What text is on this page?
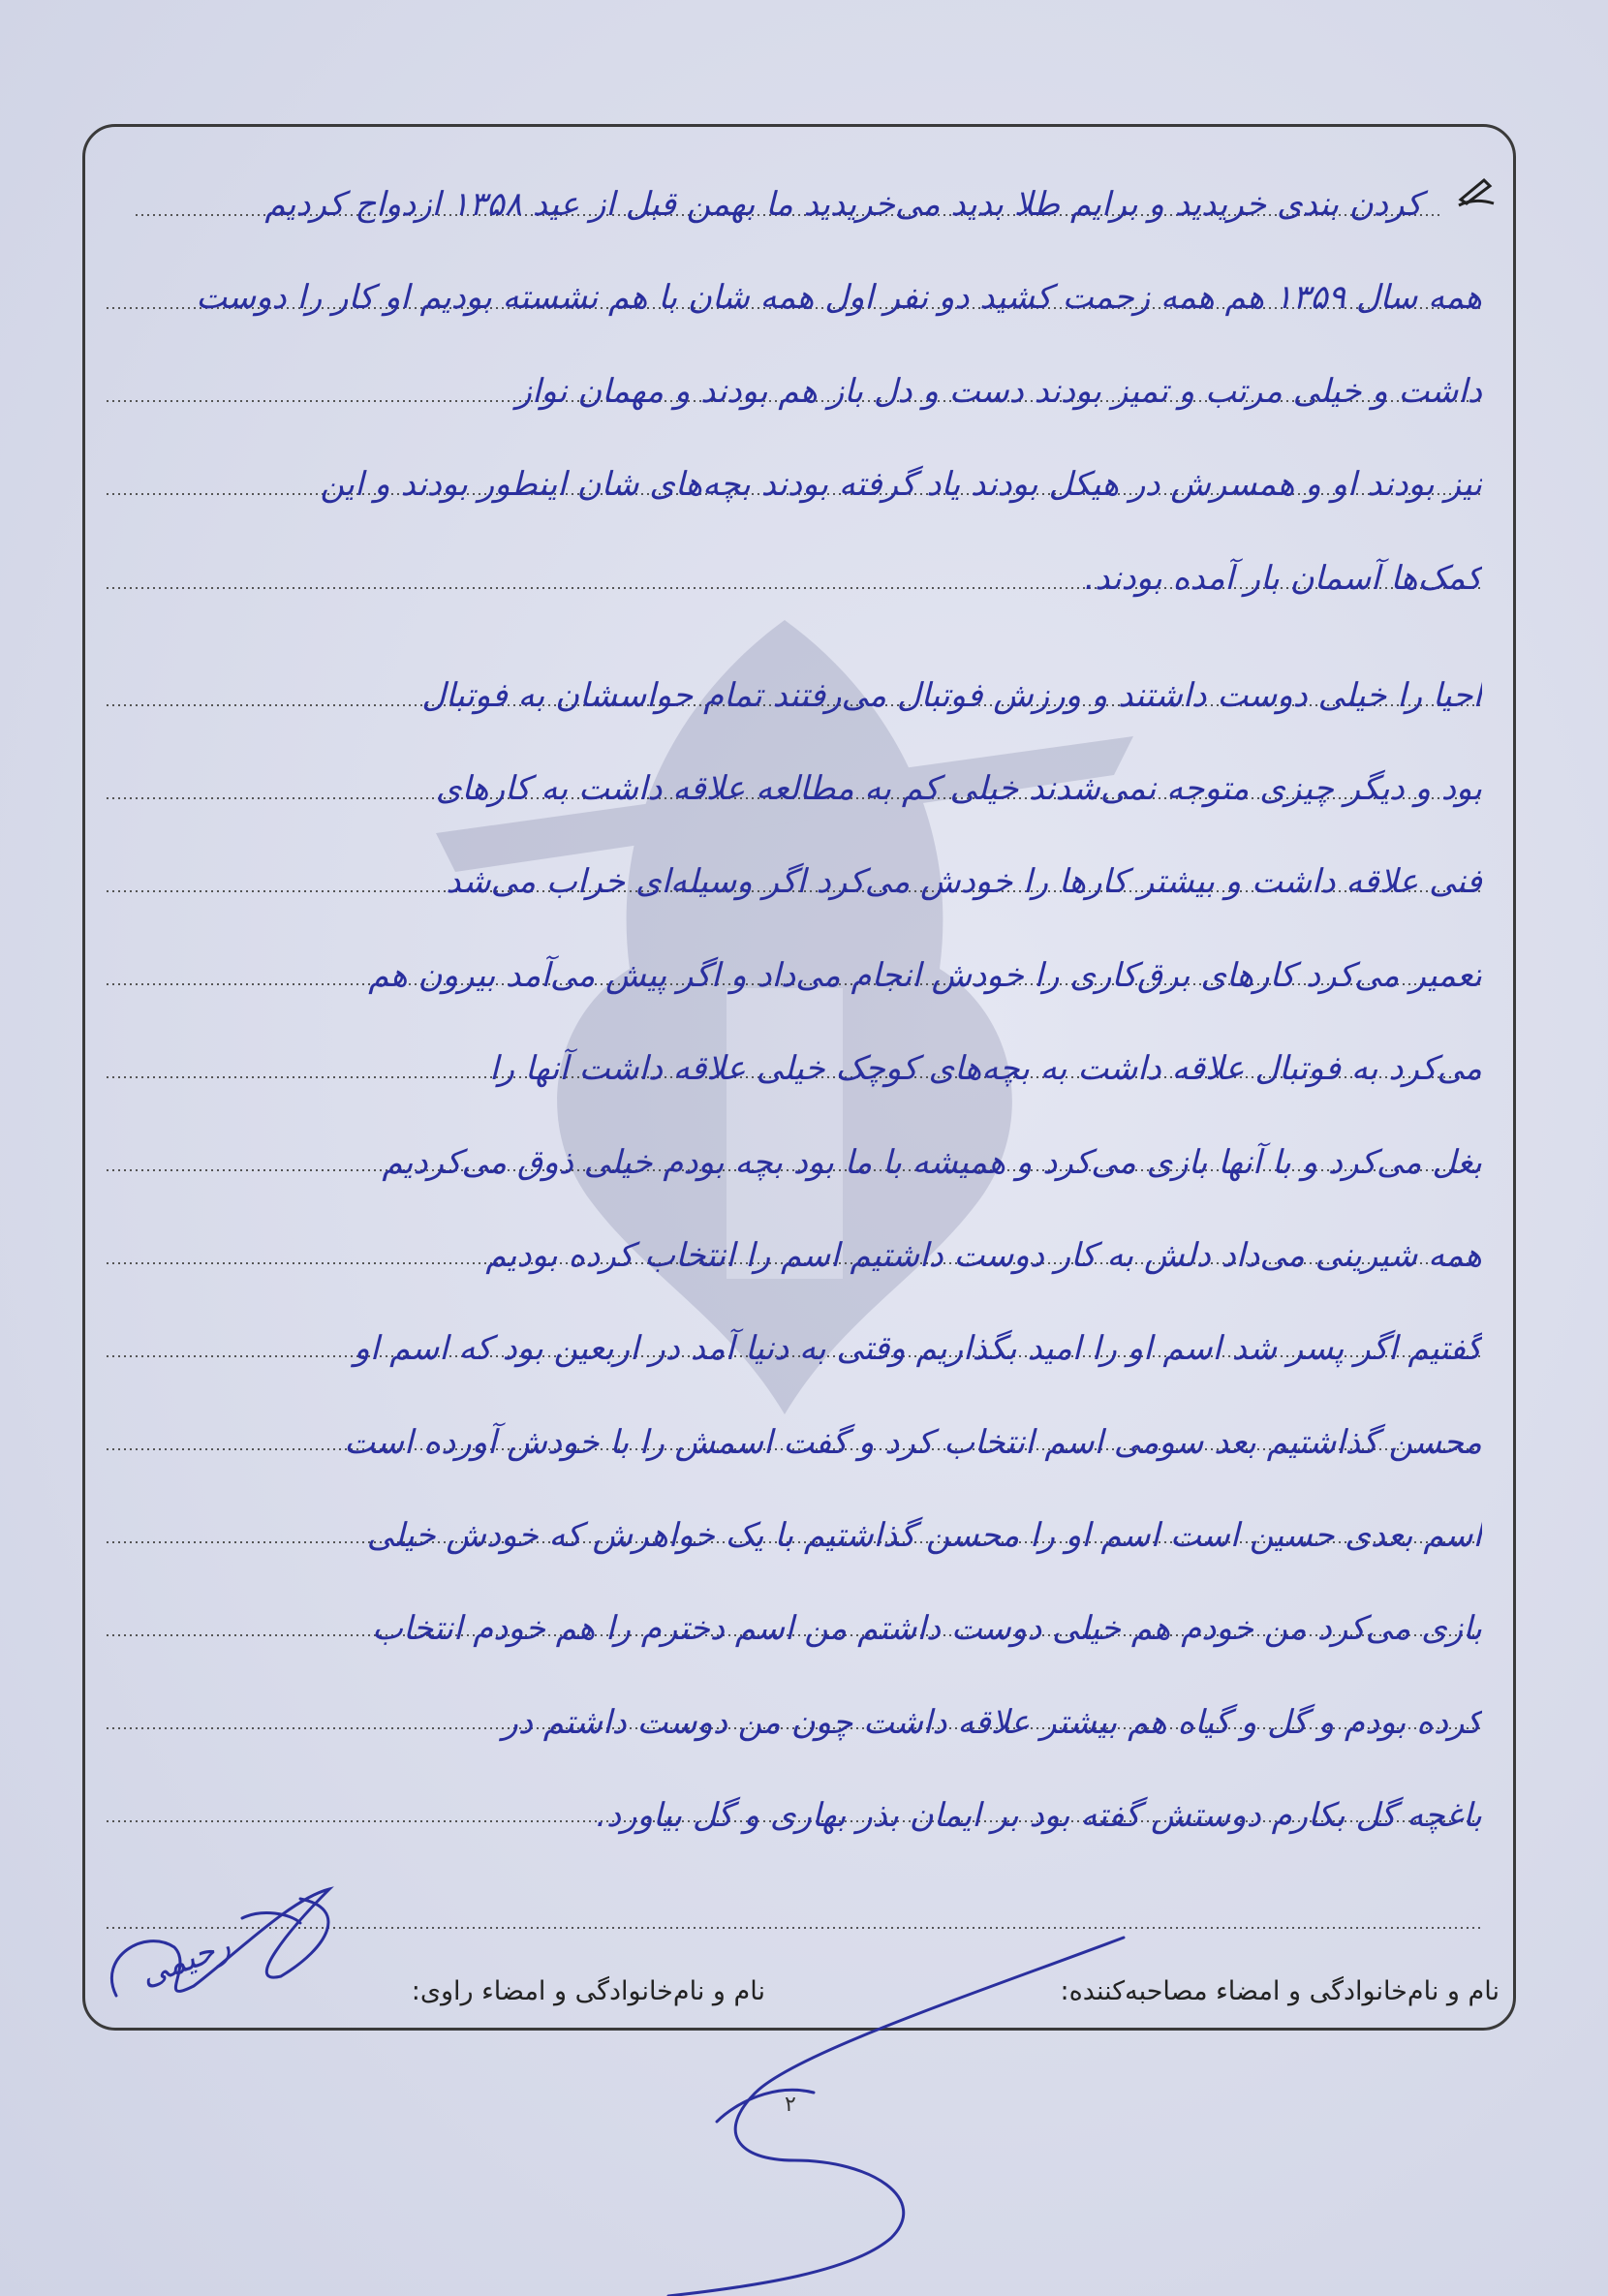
کردن بندی خریدید و برایم طلا بدید می‌خریدید ما بهمن قبل از عید ۱۳۵۸ ازدواج کردیم
همه سال ۱۳۵۹ هم همه زحمت کشید دو نفر اول همه شان با هم نشسته بودیم او کار را دوست
داشت و خیلی مرتب و تمیز بودند دست و دل باز هم بودند و مهمان نواز
نیز بودند او و همسرش در هیکل بودند یاد گرفته بودند بچه‌های شان اینطور بودند و این
کمک‌ها آسمان بار آمده بودند.
احیا را خیلی دوست داشتند و ورزش فوتبال می‌رفتند تمام حواسشان به فوتبال
بود و دیگر چیزی متوجه نمی‌شدند خیلی کم به مطالعه علاقه داشت به کارهای
فنی علاقه داشت و بیشتر کارها را خودش می‌کرد اگر وسیله‌ای خراب می‌شد
تعمیر می‌کرد کارهای برق‌کاری را خودش انجام می‌داد و اگر پیش می‌آمد بیرون هم
می‌کرد به فوتبال علاقه داشت به بچه‌های کوچک خیلی علاقه داشت آنها را
بغل می‌کرد و با آنها بازی می‌کرد و همیشه با ما بود بچه بودم خیلی ذوق می‌کردیم
همه شیرینی می‌داد دلش به کار دوست داشتیم اسم را انتخاب کرده بودیم
گفتیم اگر پسر شد اسم او را امید بگذاریم وقتی به دنیا آمد در اربعین بود که اسم او
محسن گذاشتیم بعد سومی اسم انتخاب کرد و گفت اسمش را با خودش آورده است
اسم بعدی حسین است اسم او را محسن گذاشتیم با یک خواهرش که خودش خیلی
بازی می‌کرد من خودم هم خیلی دوست داشتم من اسم دخترم را هم خودم انتخاب
کرده بودم و گل و گیاه هم بیشتر علاقه داشت چون من دوست داشتم در
باغچه گل بکارم دوستش گفته بود بر ایمان بذر بهاری و گل بیاورد.
نام و نام‌خانوادگی و امضاء مصاحبه‌کننده:
نام و نام‌خانوادگی و امضاء راوی:
رحیمی
۲
